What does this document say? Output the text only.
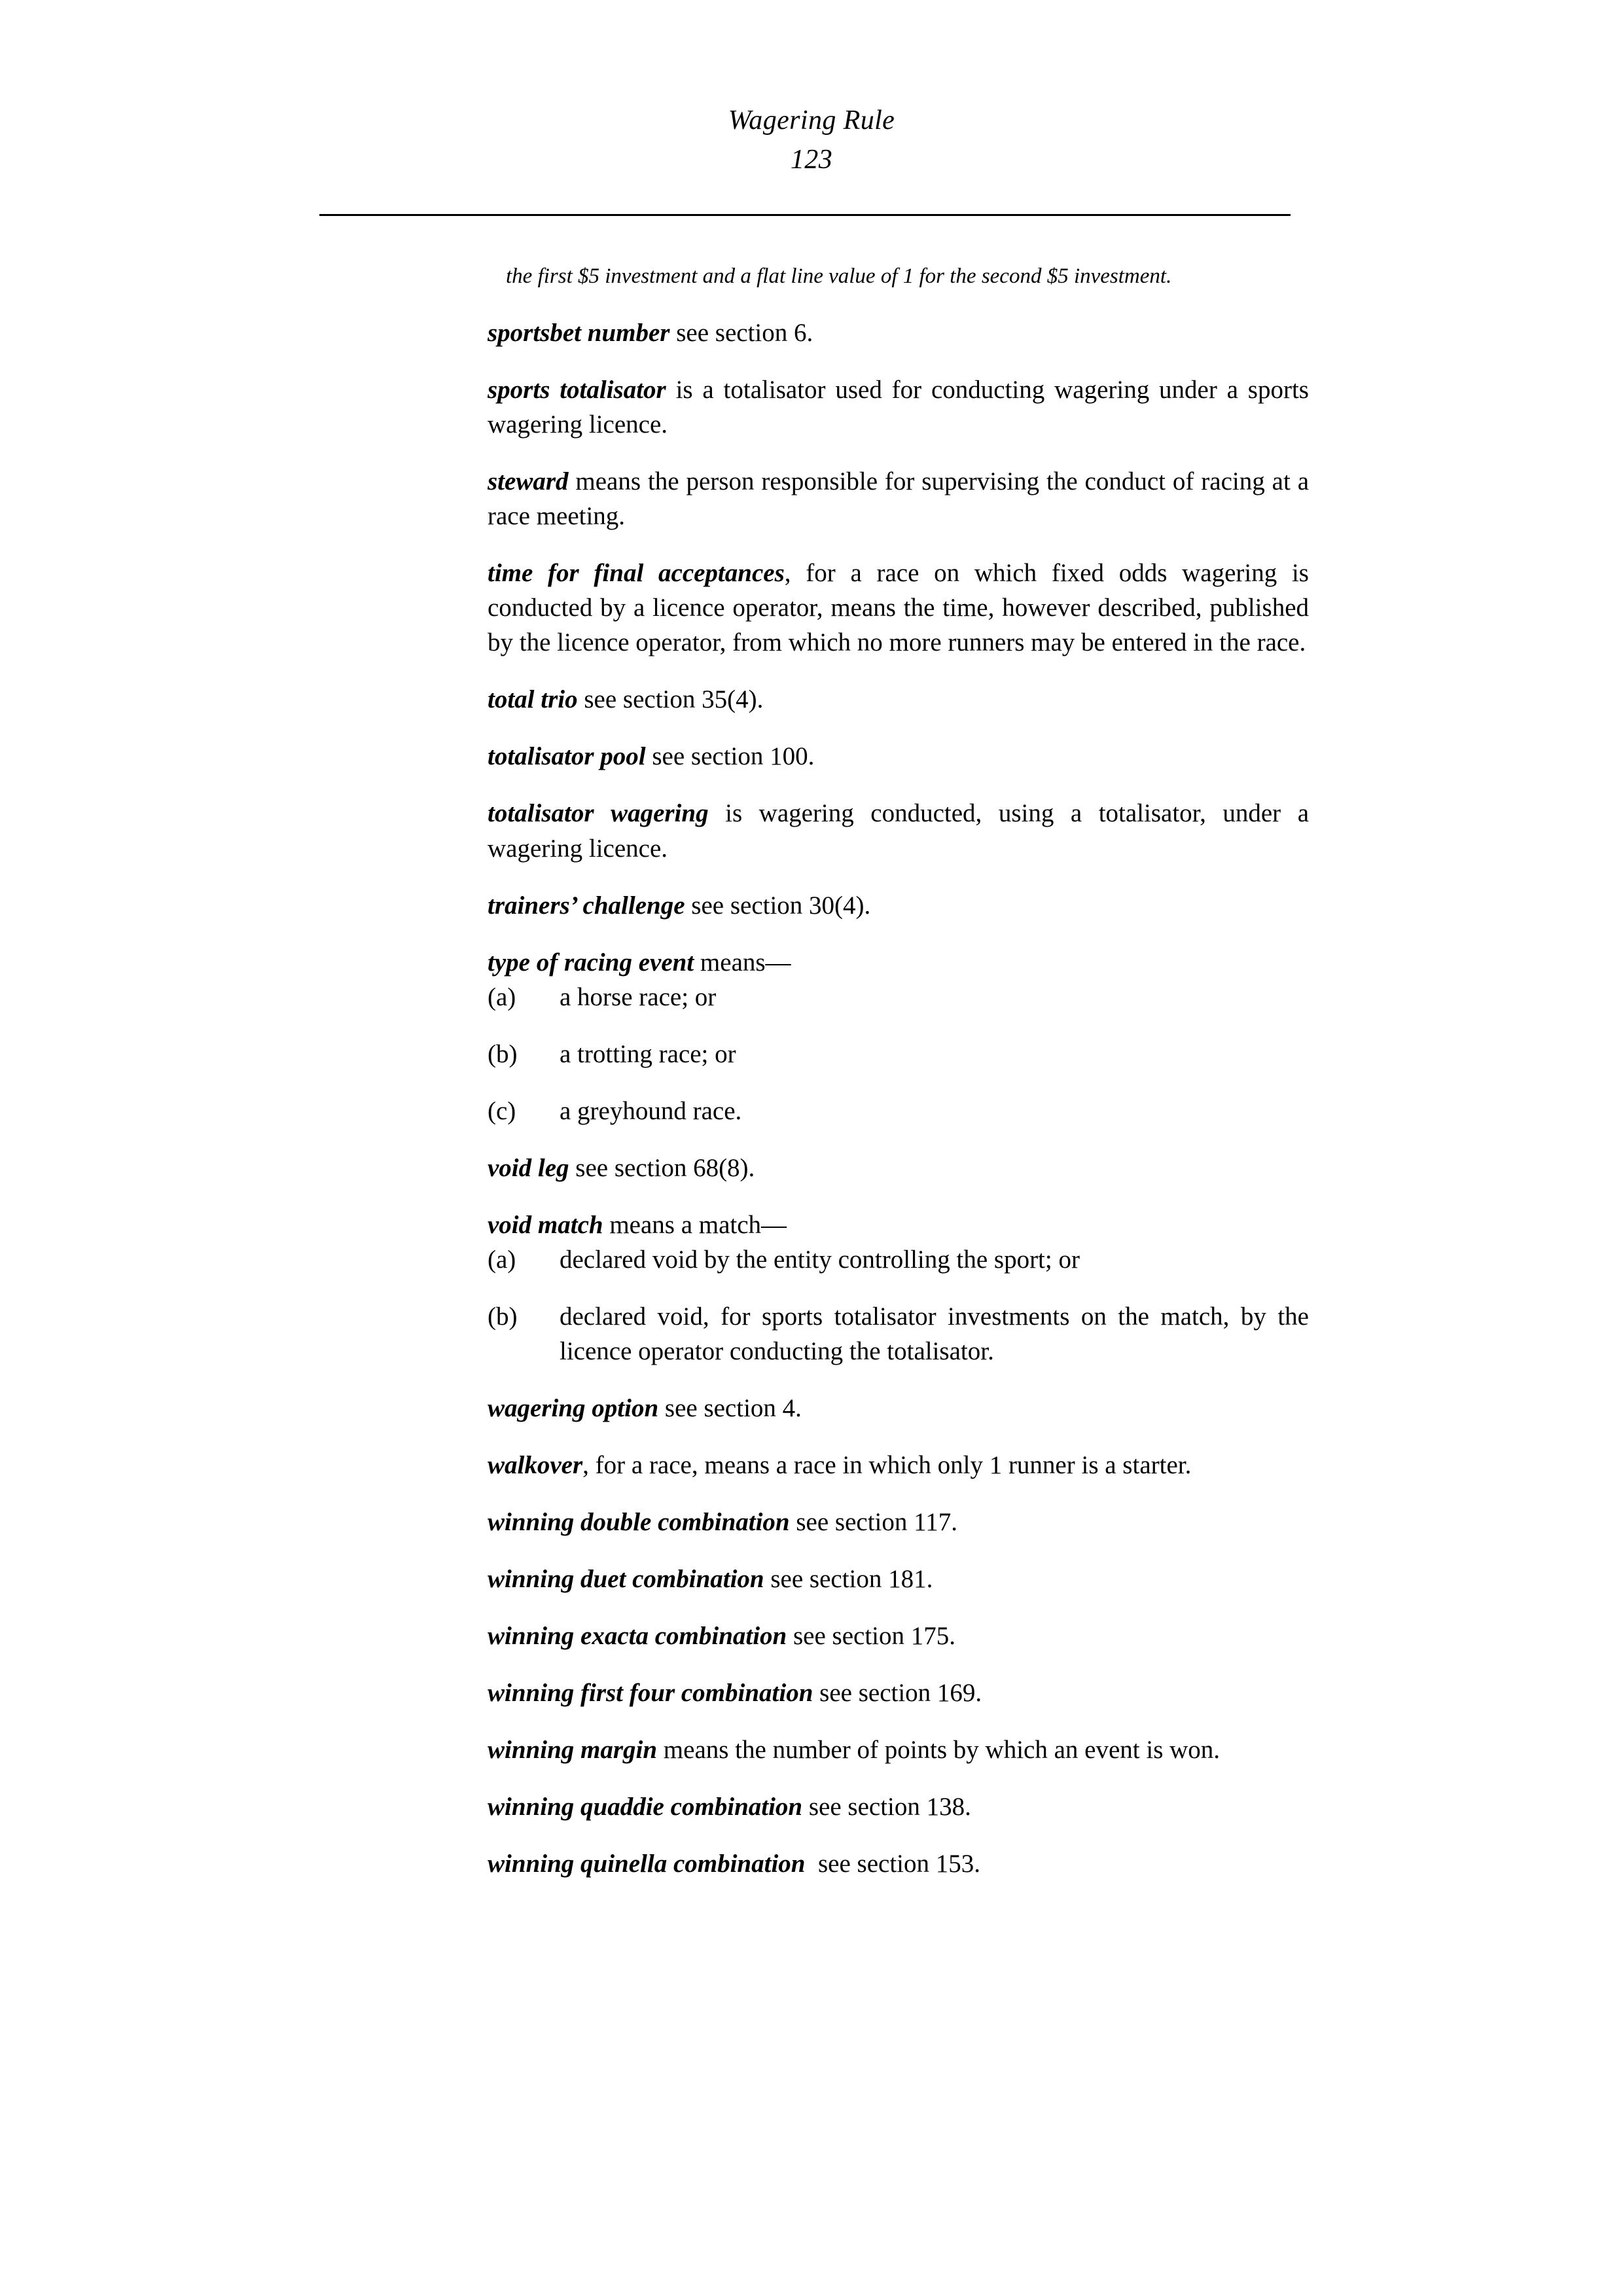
Wagering Rule
123

the first $5 investment and a flat line value of 1 for the second $5 investment.

sportsbet number see section 6.

sports totalisator is a totalisator used for conducting wagering under a sports wagering licence.

steward means the person responsible for supervising the conduct of racing at a race meeting.

time for final acceptances, for a race on which fixed odds wagering is conducted by a licence operator, means the time, however described, published by the licence operator, from which no more runners may be entered in the race.

total trio see section 35(4).

totalisator pool see section 100.

totalisator wagering is wagering conducted, using a totalisator, under a wagering licence.

trainers’ challenge see section 30(4).

type of racing event means—

(a) a horse race; or

(b) a trotting race; or

(c) a greyhound race.

void leg see section 68(8).

void match means a match—

(a) declared void by the entity controlling the sport; or

(b) declared void, for sports totalisator investments on the match, by the licence operator conducting the totalisator.

wagering option see section 4.

walkover, for a race, means a race in which only 1 runner is a starter.

winning double combination see section 117.

winning duet combination see section 181.

winning exacta combination see section 175.

winning first four combination see section 169.

winning margin means the number of points by which an event is won.

winning quaddie combination see section 138.

winning quinella combination  see section 153.
